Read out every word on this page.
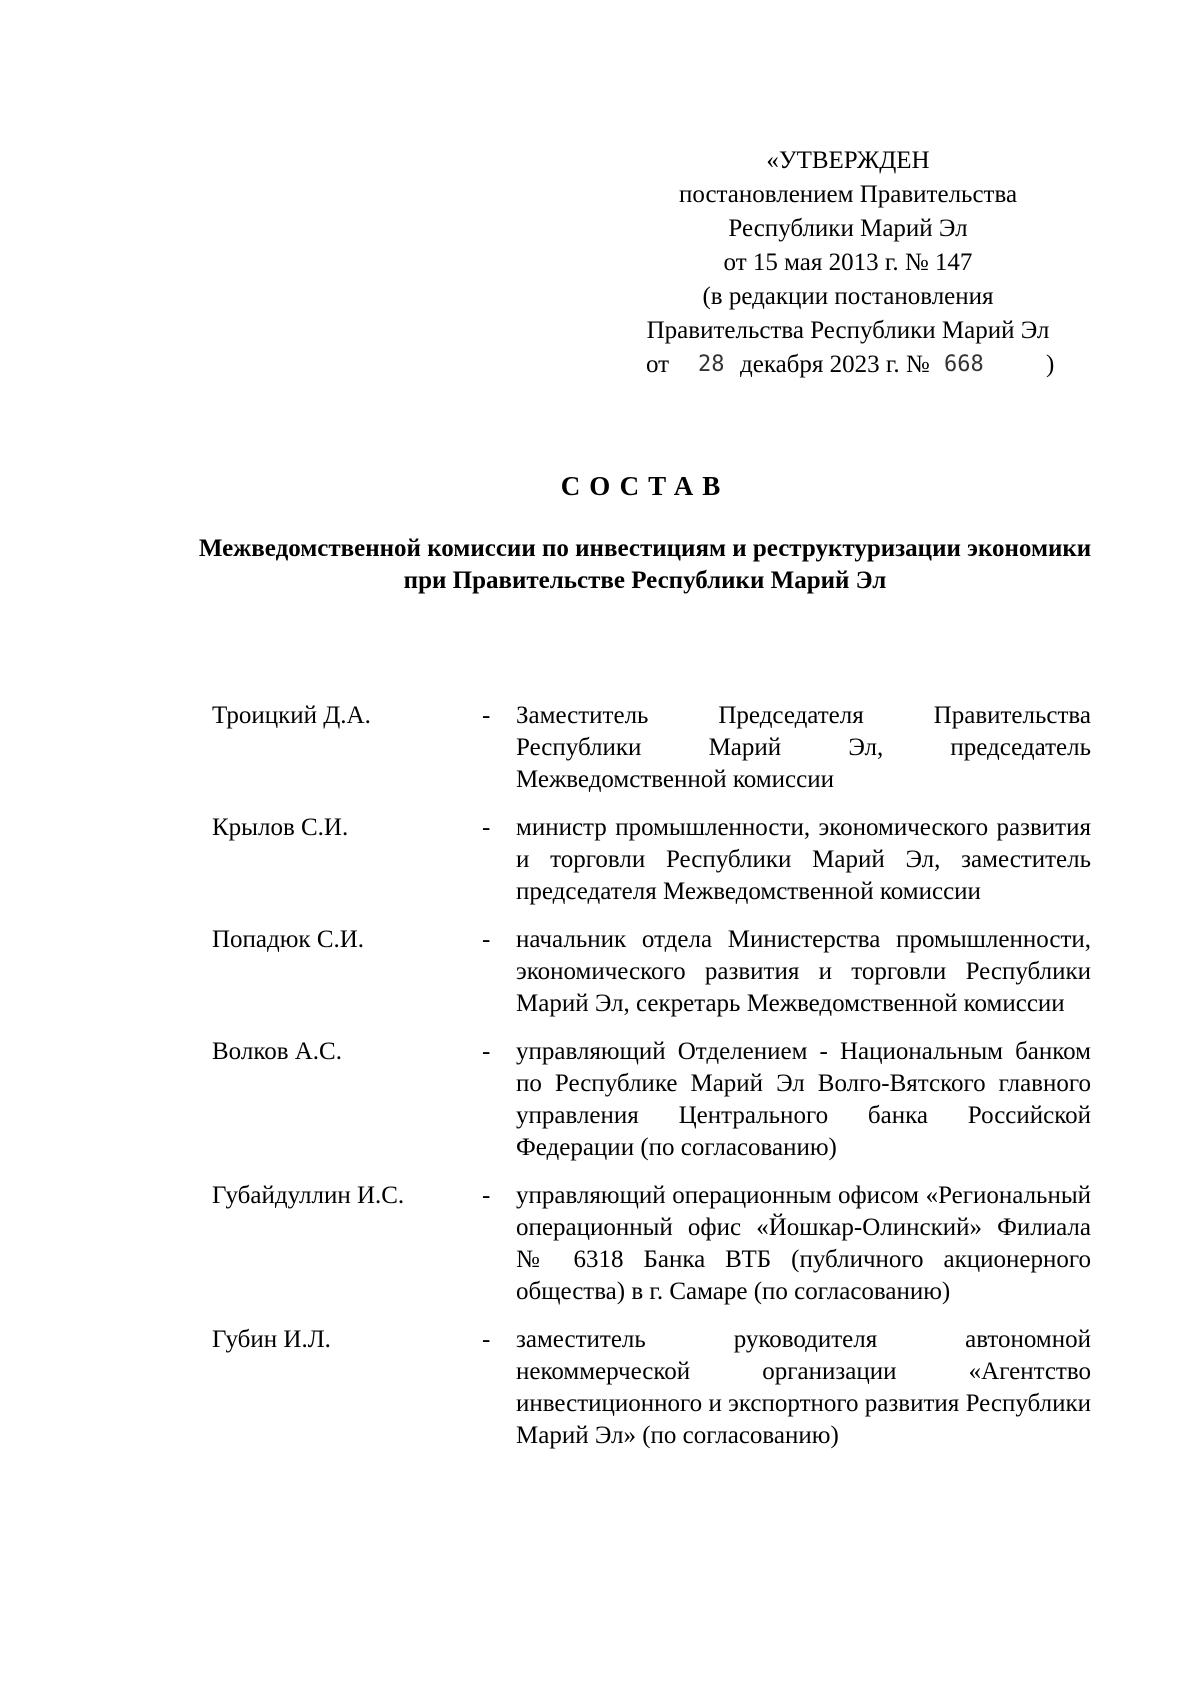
«УТВЕРЖДЕН
постановлением Правительства
Республики Марий Эл
от 15 мая 2013 г. № 147
(в редакции постановления
Правительства Республики Марий Эл
от 28 декабря 2023 г. № 668 )
СОСТАВ
Межведомственной комиссии по инвестициям и реструктуризации экономики при Правительстве Республики Марий Эл
Троицкий Д.А.	-	Заместитель Председателя Правительства Республики Марий Эл, председатель Межведомственной комиссии
Крылов С.И.	-	министр промышленности, экономического развития и торговли Республики Марий Эл, заместитель председателя Межведомственной комиссии
Попадюк С.И.	-	начальник отдела Министерства промышленности, экономического развития и торговли Республики Марий Эл, секретарь Межведомственной комиссии
Волков А.С.	-	управляющий Отделением - Национальным банком по Республике Марий Эл Волго-Вятского главного управления Центрального банка Российской Федерации (по согласованию)
Губайдуллин И.С.	-	управляющий операционным офисом «Региональный операционный офис «Йошкар-Олинский» Филиала № 6318 Банка ВТБ (публичного акционерного общества) в г. Самаре (по согласованию)
Губин И.Л.	-	заместитель руководителя автономной некоммерческой организации «Агентство инвестиционного и экспортного развития Республики Марий Эл» (по согласованию)
